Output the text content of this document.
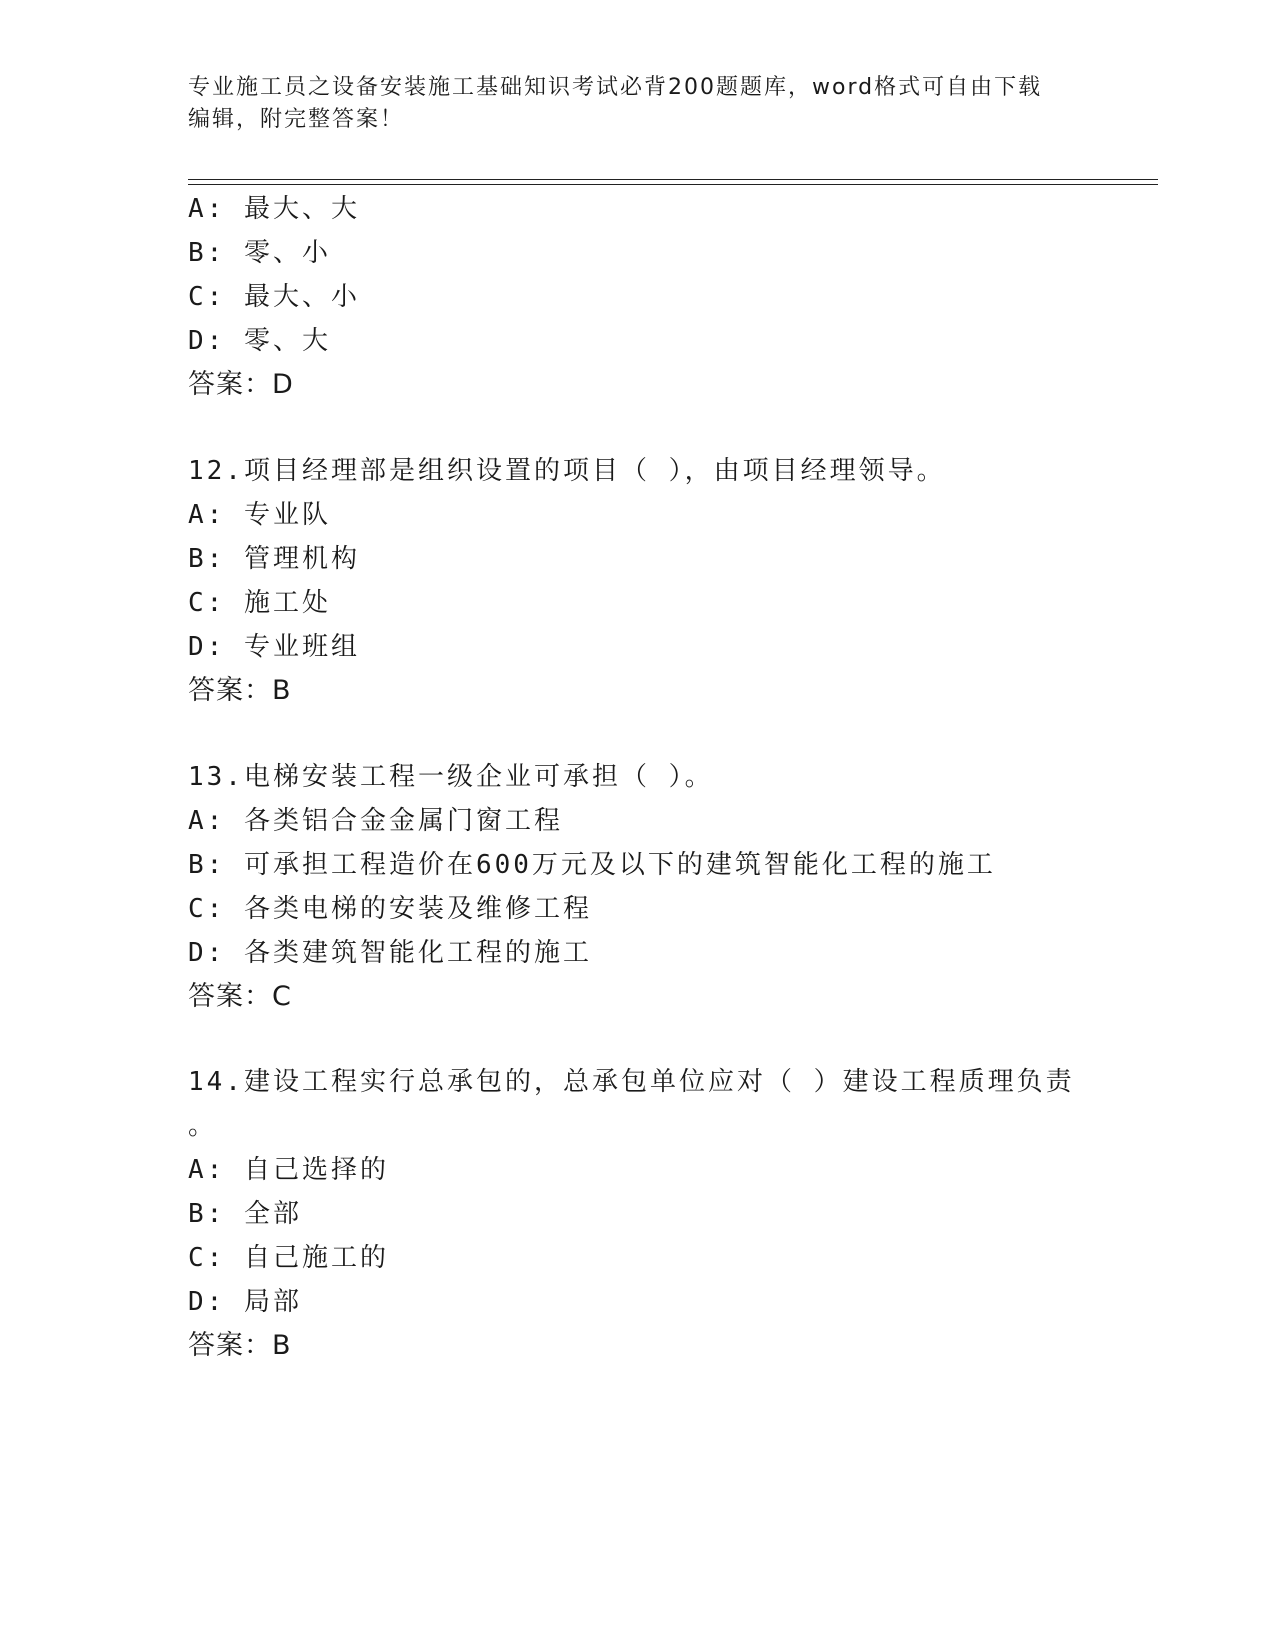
专业施工员之设备安装施工基础知识考试必背200题题库，word格式可自由下载
编辑，附完整答案！
A: 最大、大
B: 零、小
C: 最大、小
D: 零、大
答案：D
12.项目经理部是组织设置的项目（ ），由项目经理领导。
A: 专业队
B: 管理机构
C: 施工处
D: 专业班组
答案：B
13.电梯安装工程一级企业可承担（ ）。
A: 各类铝合金金属门窗工程
B: 可承担工程造价在600万元及以下的建筑智能化工程的施工
C: 各类电梯的安装及维修工程
D: 各类建筑智能化工程的施工
答案：C
14.建设工程实行总承包的，总承包单位应对（ ）建设工程质理负责
。
A: 自己选择的
B: 全部
C: 自己施工的
D: 局部
答案：B
